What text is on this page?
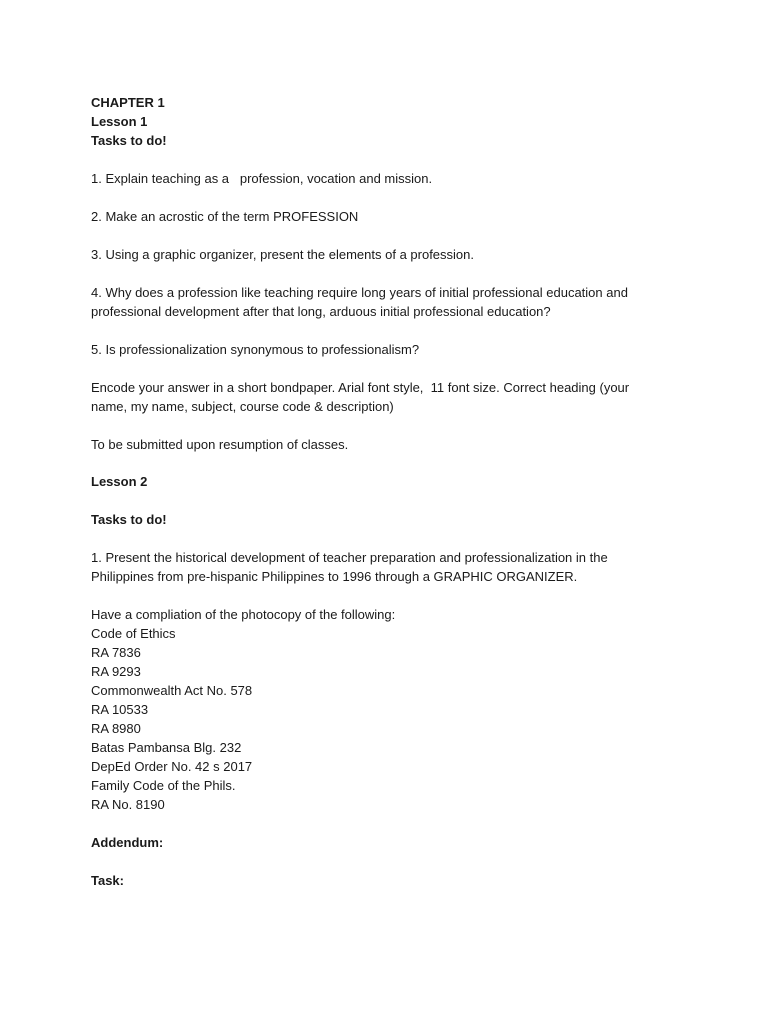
CHAPTER 1

Lesson 1

Tasks to do!

1. Explain teaching as a   profession, vocation and mission.

2. Make an acrostic of the term PROFESSION

3. Using a graphic organizer, present the elements of a profession.

4. Why does a profession like teaching require long years of initial professional education and

professional development after that long, arduous initial professional education?

5. Is professionalization synonymous to professionalism?

Encode your answer in a short bondpaper. Arial font style,  11 font size. Correct heading (your

name, my name, subject, course code & description)

To be submitted upon resumption of classes.

Lesson 2

Tasks to do!

1. Present the historical development of teacher preparation and professionalization in the

Philippines from pre-hispanic Philippines to 1996 through a GRAPHIC ORGANIZER.

Have a compliation of the photocopy of the following:

Code of Ethics

RA 7836

RA 9293

Commonwealth Act No. 578

RA 10533

RA 8980

Batas Pambansa Blg. 232

DepEd Order No. 42 s 2017

Family Code of the Phils.

RA No. 8190

Addendum:

Task:
